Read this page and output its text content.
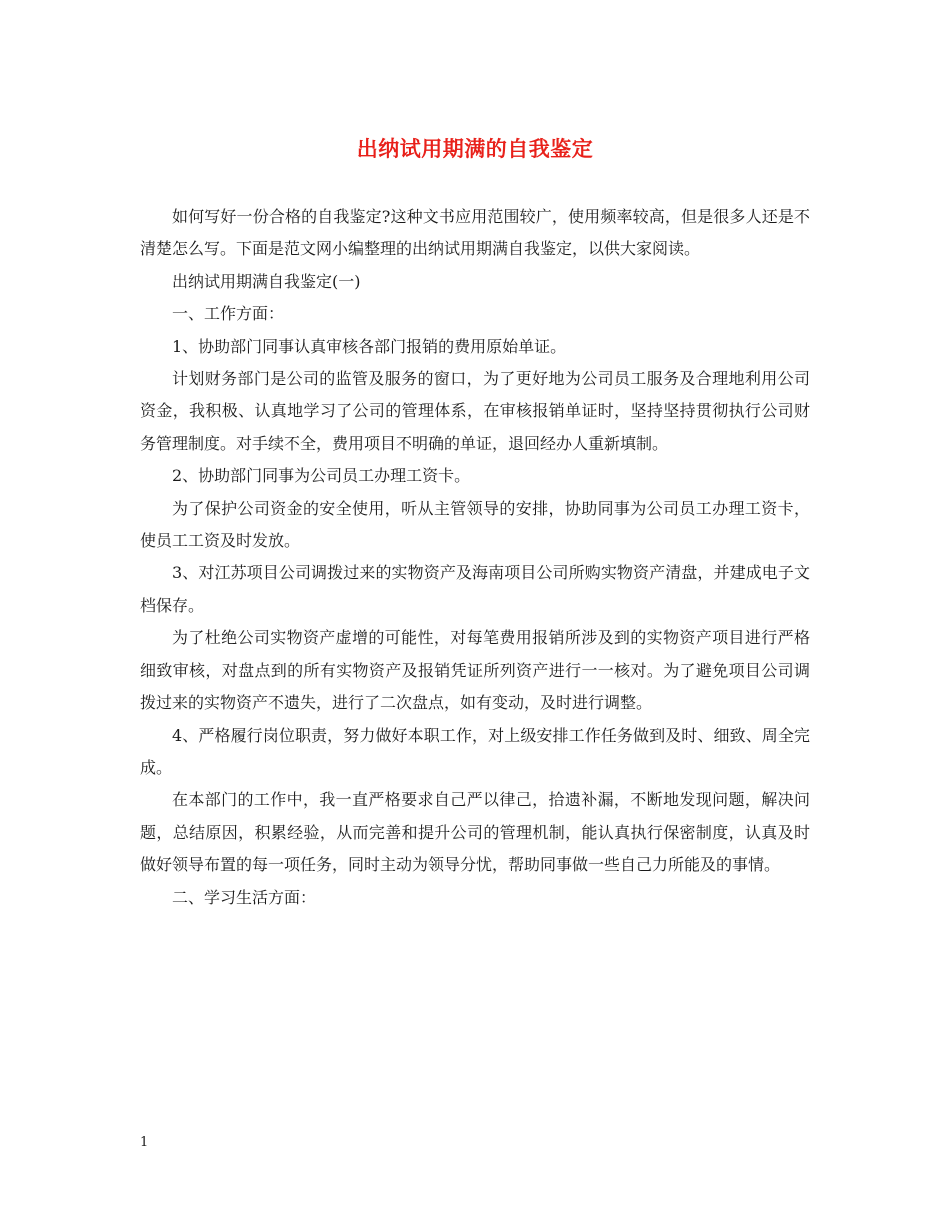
出纳试用期满的自我鉴定

如何写好一份合格的自我鉴定?这种文书应用范围较广，使用频率较高，但是很多人还是不清楚怎么写。下面是范文网小编整理的出纳试用期满自我鉴定，以供大家阅读。

出纳试用期满自我鉴定(一)

一、工作方面：

1、协助部门同事认真审核各部门报销的费用原始单证。

计划财务部门是公司的监管及服务的窗口，为了更好地为公司员工服务及合理地利用公司资金，我积极、认真地学习了公司的管理体系，在审核报销单证时，坚持坚持贯彻执行公司财务管理制度。对手续不全，费用项目不明确的单证，退回经办人重新填制。

2、协助部门同事为公司员工办理工资卡。

为了保护公司资金的安全使用，听从主管领导的安排，协助同事为公司员工办理工资卡，使员工工资及时发放。

3、对江苏项目公司调拨过来的实物资产及海南项目公司所购实物资产清盘，并建成电子文档保存。

为了杜绝公司实物资产虚增的可能性，对每笔费用报销所涉及到的实物资产项目进行严格细致审核，对盘点到的所有实物资产及报销凭证所列资产进行一一核对。为了避免项目公司调拨过来的实物资产不遗失，进行了二次盘点，如有变动，及时进行调整。

4、严格履行岗位职责，努力做好本职工作，对上级安排工作任务做到及时、细致、周全完成。

在本部门的工作中，我一直严格要求自己严以律己，拾遗补漏，不断地发现问题，解决问题，总结原因，积累经验，从而完善和提升公司的管理机制，能认真执行保密制度，认真及时做好领导布置的每一项任务，同时主动为领导分忧，帮助同事做一些自己力所能及的事情。

二、学习生活方面：

1
